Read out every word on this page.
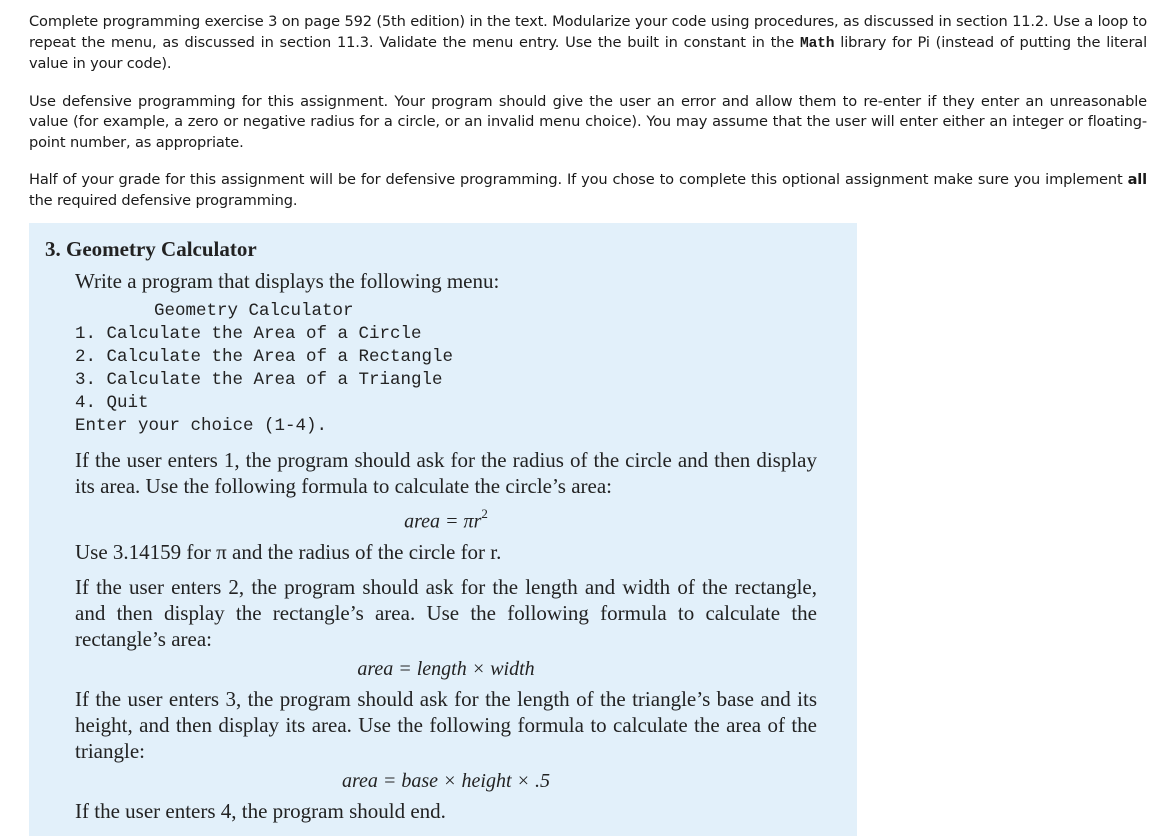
Complete programming exercise 3 on page 592 (5th edition) in the text. Modularize your code using procedures, as discussed in section 11.2. Use a loop to repeat the menu, as discussed in section 11.3. Validate the menu entry. Use the built in constant in the Math library for Pi (instead of putting the literal value in your code).

Use defensive programming for this assignment. Your program should give the user an error and allow them to re-enter if they enter an unreasonable value (for example, a zero or negative radius for a circle, or an invalid menu choice). You may assume that the user will enter either an integer or floating-point number, as appropriate.

Half of your grade for this assignment will be for defensive programming. If you chose to complete this optional assignment make sure you implement all the required defensive programming.

3. Geometry Calculator

Write a program that displays the following menu:

Geometry Calculator
1. Calculate the Area of a Circle
2. Calculate the Area of a Rectangle
3. Calculate the Area of a Triangle
4. Quit
Enter your choice (1-4).

If the user enters 1, the program should ask for the radius of the circle and then display its area. Use the following formula to calculate the circle’s area:

area = $\pi r^2$

Use 3.14159 for π and the radius of the circle for r.

If the user enters 2, the program should ask for the length and width of the rectangle, and then display the rectangle’s area. Use the following formula to calculate the rectangle’s area:

area = length × width

If the user enters 3, the program should ask for the length of the triangle’s base and its height, and then display its area. Use the following formula to calculate the area of the triangle:

area = base × height × .5

If the user enters 4, the program should end.
